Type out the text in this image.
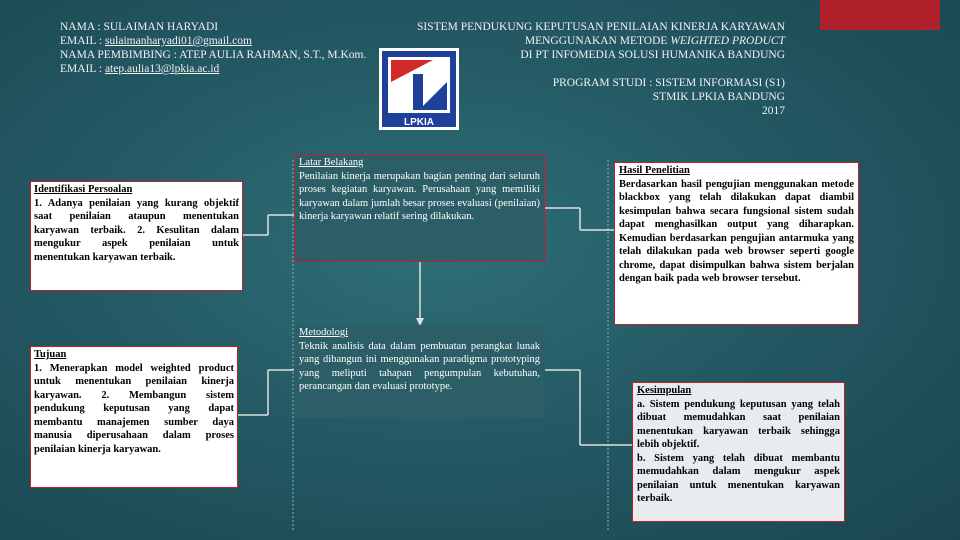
NAMA : SULAIMAN HARYADI
EMAIL : sulaimanharyadi01@gmail.com
NAMA PEMBIMBING : ATEP AULIA RAHMAN, S.T., M.Kom.
EMAIL : atep.aulia13@lpkia.ac.id
SISTEM PENDUKUNG KEPUTUSAN PENILAIAN KINERJA KARYAWAN
MENGGUNAKAN METODE WEIGHTED PRODUCT
DI PT INFOMEDIA SOLUSI HUMANIKA BANDUNG
PROGRAM STUDI : SISTEM INFORMASI (S1)
STMIK LPKIA BANDUNG
2017
LPKIA
Identifikasi Persoalan
1. Adanya penilaian yang kurang objektif saat penilaian ataupun menentukan karyawan terbaik. 2. Kesulitan dalam mengukur aspek penilaian untuk menentukan karyawan terbaik.
Tujuan
1. Menerapkan model weighted product untuk menentukan penilaian kinerja karyawan. 2. Membangun sistem pendukung keputusan yang dapat membantu manajemen sumber daya manusia diperusahaan dalam proses penilaian kinerja karyawan.
Latar Belakang
Penilaian kinerja merupakan bagian penting dari seluruh proses kegiatan karyawan. Perusahaan yang memiliki karyawan dalam jumlah besar proses evaluasi (penilaian) kinerja karyawan relatif sering dilakukan.
Metodologi
Teknik analisis data dalam pembuatan perangkat lunak yang dibangun ini menggunakan paradigma prototyping yang meliputi tahapan pengumpulan kebutuhan, perancangan dan evaluasi prototype.
Hasil Penelitian
Berdasarkan hasil pengujian menggunakan metode blackbox yang telah dilakukan dapat diambil kesimpulan bahwa secara fungsional sistem sudah dapat menghasilkan output yang diharapkan. Kemudian berdasarkan pengujian antarmuka yang telah dilakukan pada web browser seperti google chrome, dapat disimpulkan bahwa sistem berjalan dengan baik pada web browser tersebut.
Kesimpulan
a. Sistem pendukung keputusan yang telah dibuat memudahkan saat penilaian menentukan karyawan terbaik sehingga lebih objektif.
b. Sistem yang telah dibuat membantu memudahkan dalam mengukur aspek penilaian untuk menentukan karyawan terbaik.
